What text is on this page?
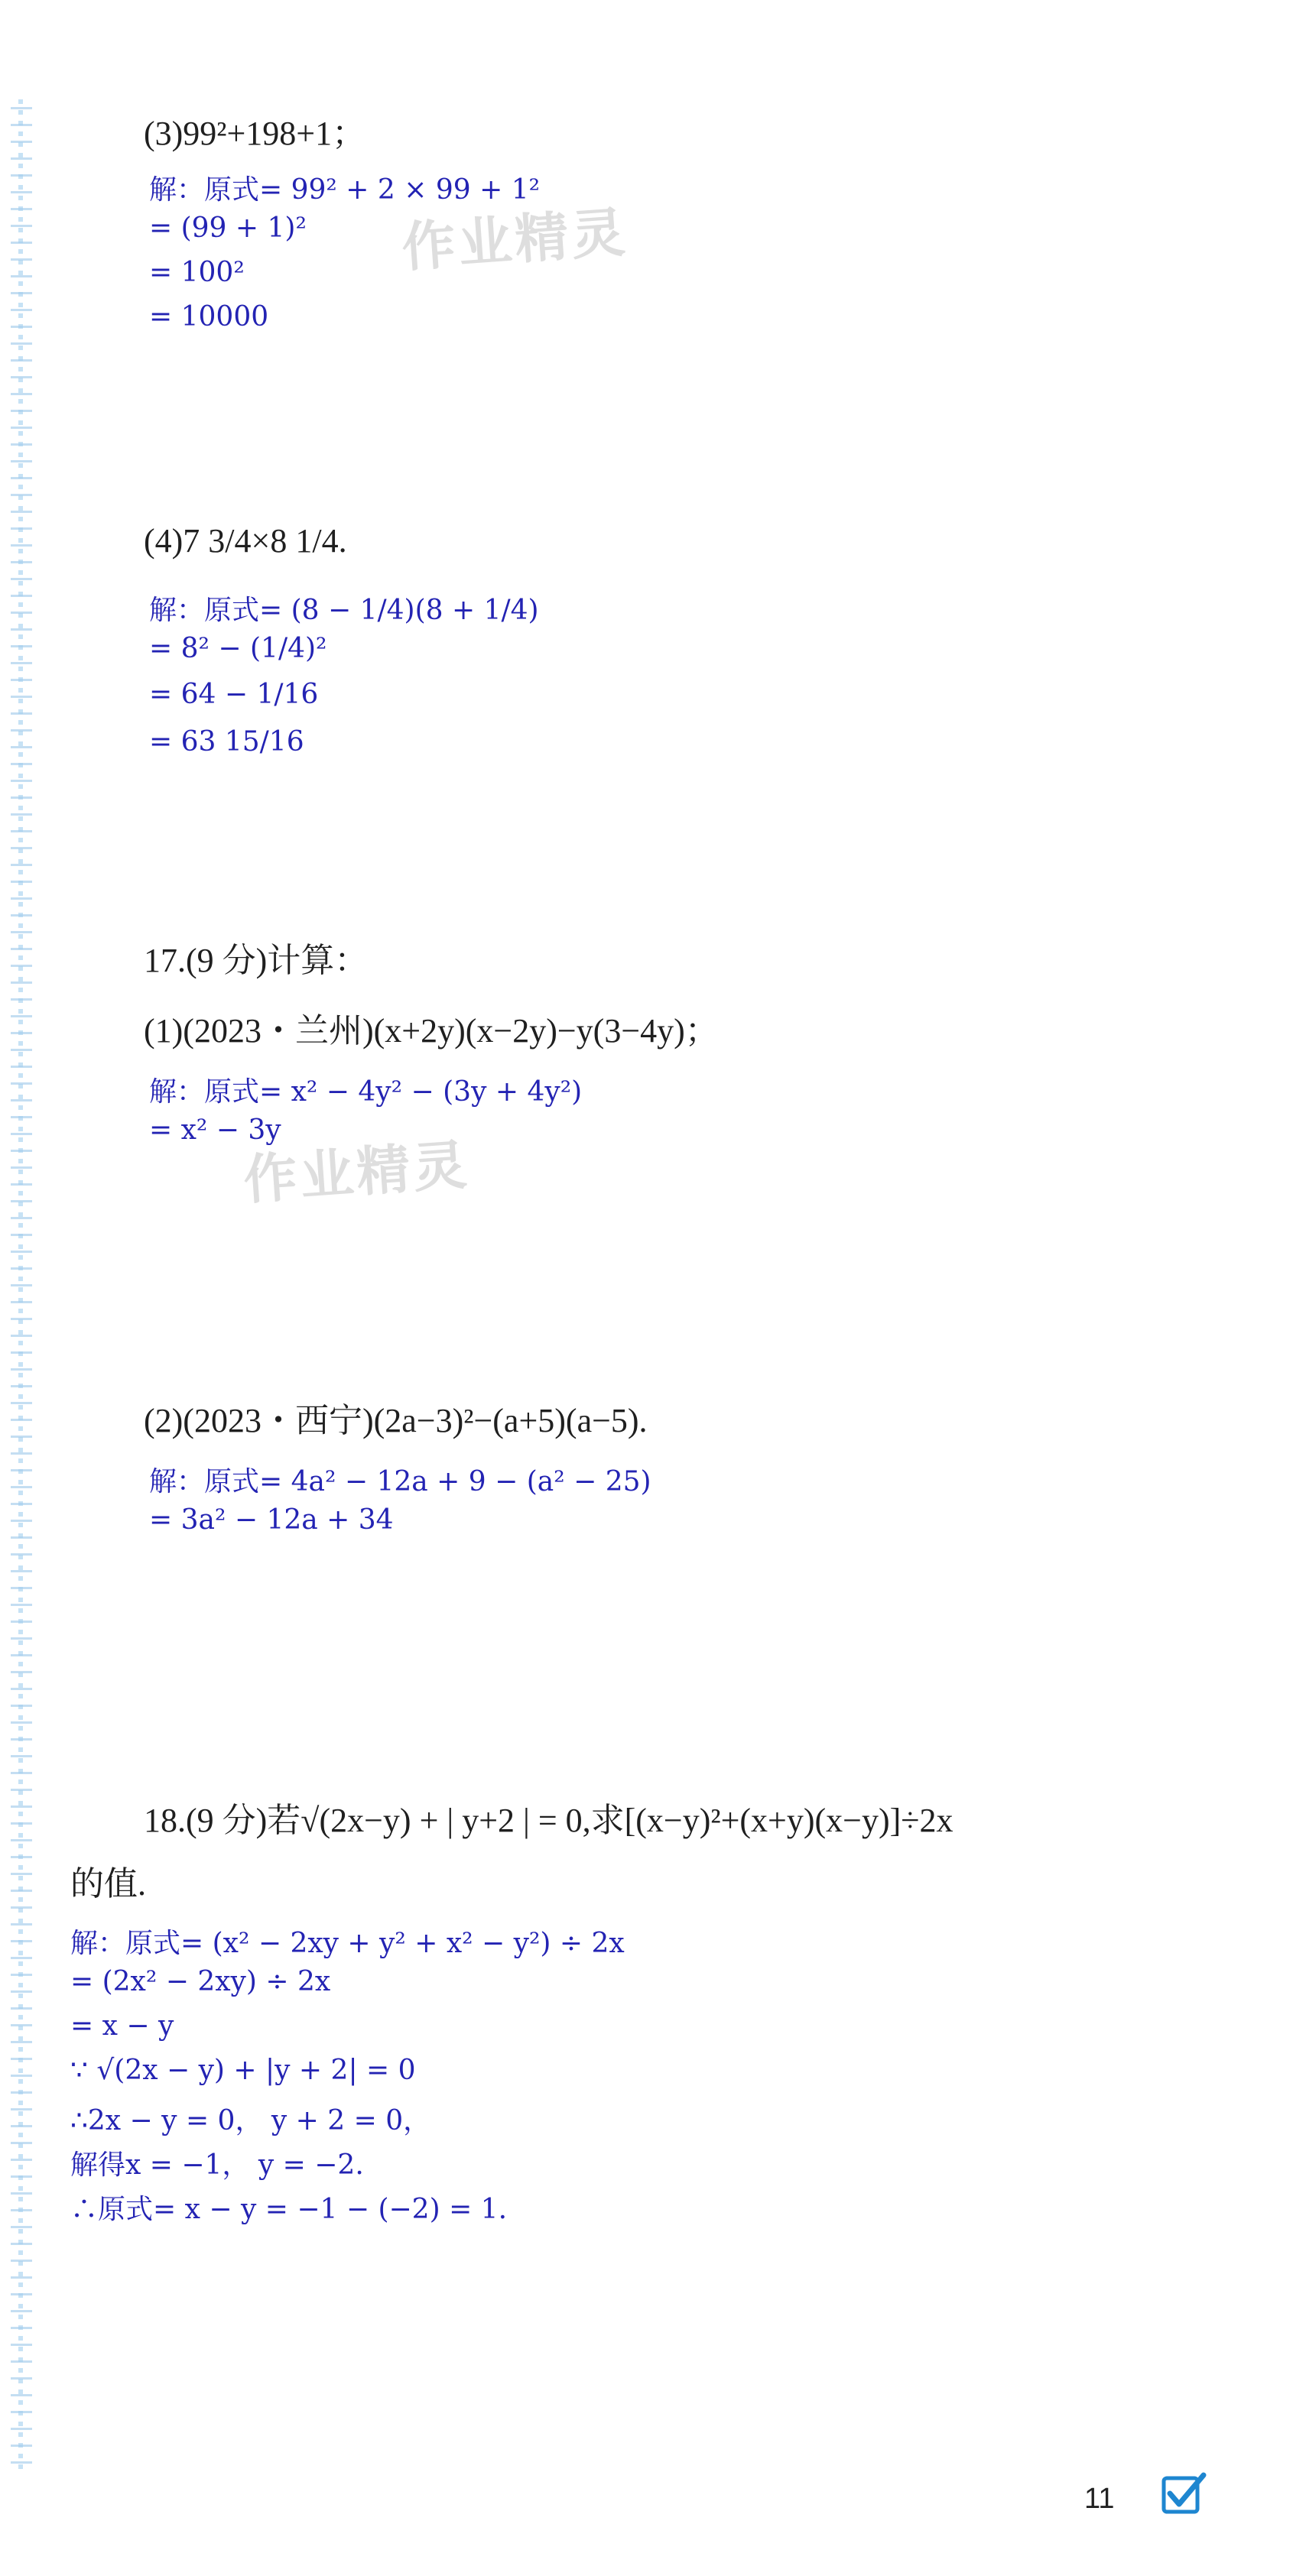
(3)99²+198+1；
解：原式= 99² + 2 × 99 + 1²
= (99 + 1)²
= 100²
= 10000
作业精灵
(4)7 3/4×8 1/4.
解：原式= (8 − 1/4)(8 + 1/4)
= 8² − (1/4)²
= 64 − 1/16
= 63 15/16
17.(9 分)计算：
(1)(2023・兰州)(x+2y)(x−2y)−y(3−4y)；
解：原式= x² − 4y² − (3y + 4y²)
= x² − 3y
作业精灵
(2)(2023・西宁)(2a−3)²−(a+5)(a−5).
解：原式= 4a² − 12a + 9 − (a² − 25)
= 3a² − 12a + 34
18.(9 分)若√(2x−y) + | y+2 | = 0,求[(x−y)²+(x+y)(x−y)]÷2x
的值.
解：原式= (x² − 2xy + y² + x² − y²) ÷ 2x
= (2x² − 2xy) ÷ 2x
= x − y
∵ √(2x − y) + |y + 2| = 0
∴2x − y = 0， y + 2 = 0，
解得x = −1， y = −2.
∴原式= x − y = −1 − (−2) = 1.
11
